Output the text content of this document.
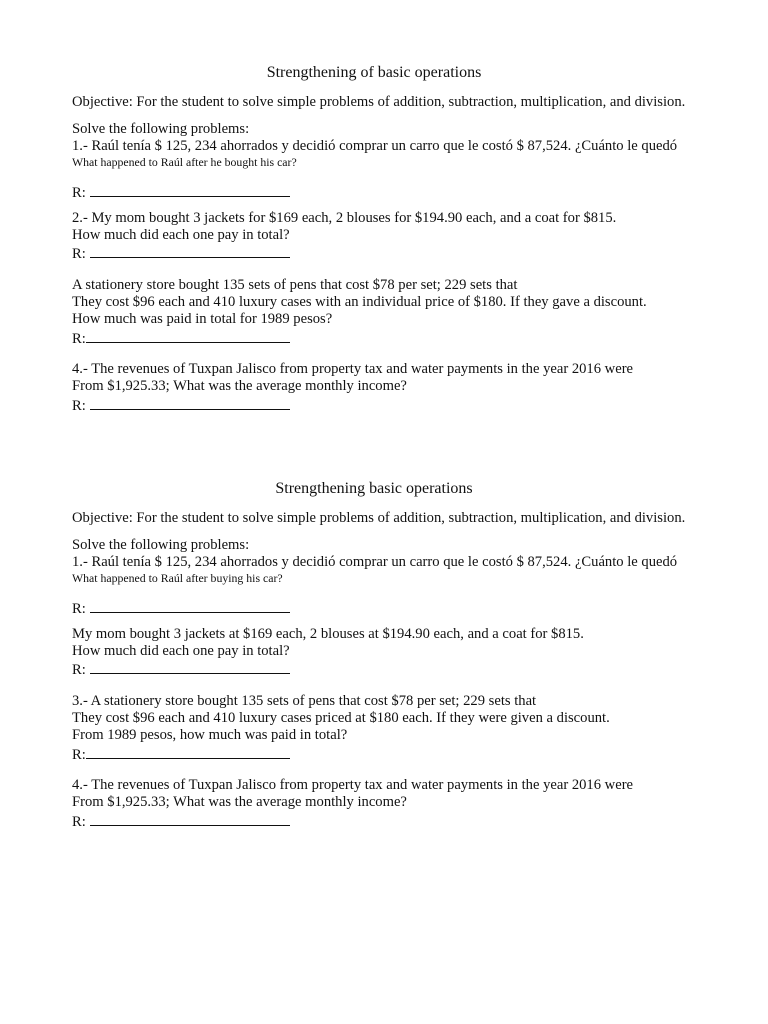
Strengthening of basic operations
Objective: For the student to solve simple problems of addition, subtraction, multiplication, and division.
Solve the following problems:
1.- Raúl tenía $ 125, 234 ahorrados y decidió comprar un carro que le costó $ 87,524. ¿Cuánto le quedó
What happened to Raúl after he bought his car?
R:
2.- My mom bought 3 jackets for $169 each, 2 blouses for $194.90 each, and a coat for $815.
How much did each one pay in total?
R:
A stationery store bought 135 sets of pens that cost $78 per set; 229 sets that
They cost $96 each and 410 luxury cases with an individual price of $180. If they gave a discount.
How much was paid in total for 1989 pesos?
R:
4.- The revenues of Tuxpan Jalisco from property tax and water payments in the year 2016 were
From $1,925.33; What was the average monthly income?
R:
Strengthening basic operations
Objective: For the student to solve simple problems of addition, subtraction, multiplication, and division.
Solve the following problems:
1.- Raúl tenía $ 125, 234 ahorrados y decidió comprar un carro que le costó $ 87,524. ¿Cuánto le quedó
What happened to Raúl after buying his car?
R:
My mom bought 3 jackets at $169 each, 2 blouses at $194.90 each, and a coat for $815.
How much did each one pay in total?
R:
3.- A stationery store bought 135 sets of pens that cost $78 per set; 229 sets that
They cost $96 each and 410 luxury cases priced at $180 each. If they were given a discount.
From 1989 pesos, how much was paid in total?
R:
4.- The revenues of Tuxpan Jalisco from property tax and water payments in the year 2016 were
From $1,925.33; What was the average monthly income?
R:
